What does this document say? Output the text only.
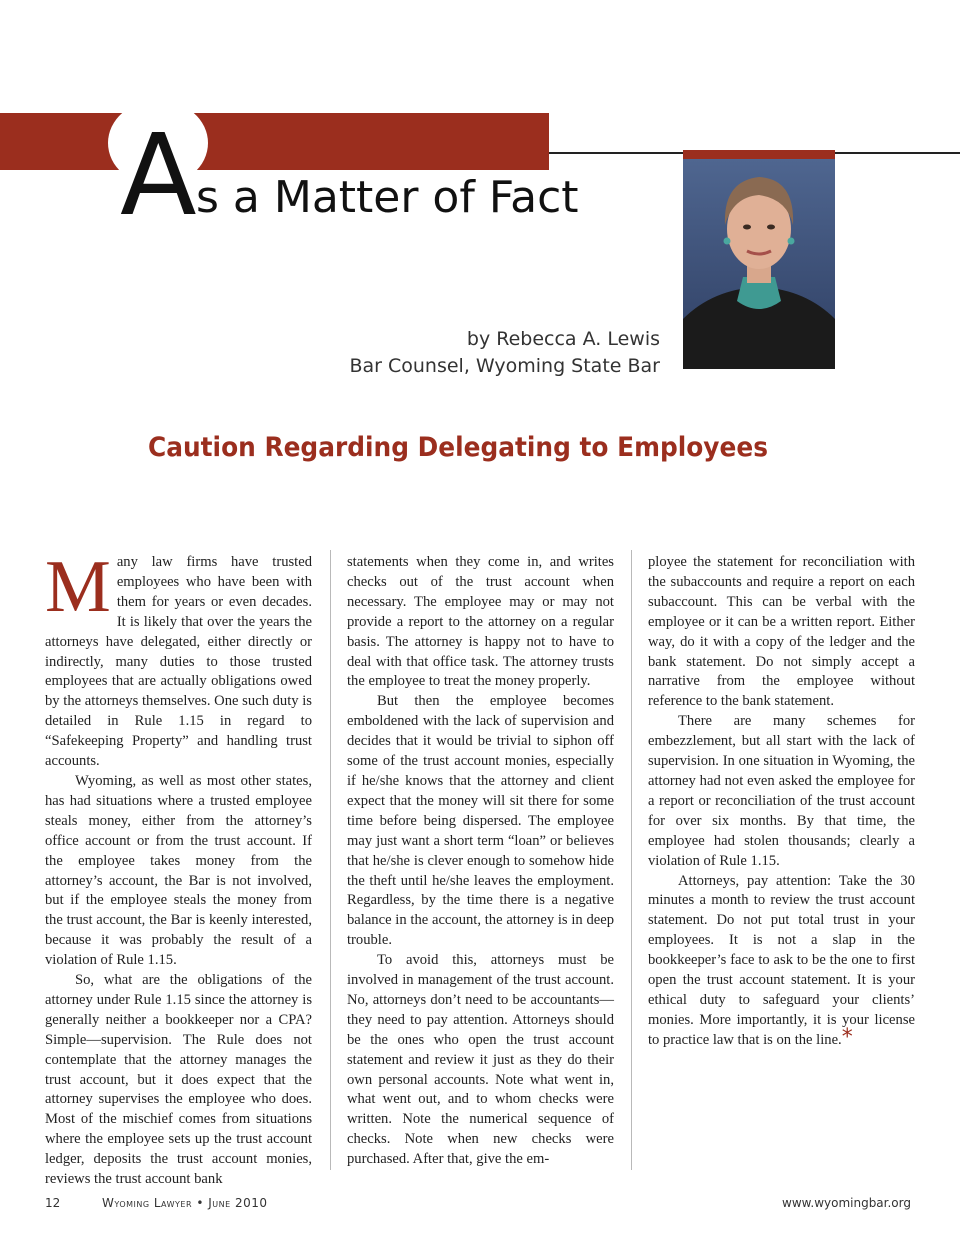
A s a Matter of Fact
by Rebecca A. Lewis
Bar Counsel, Wyoming State Bar
Caution Regarding Delegating to Employees

Many law firms have trusted employees who have been with them for years or even decades. It is likely that over the years the attorneys have delegated, either directly or indirectly, many duties to those trusted employees that are actually obligations owed by the attorneys themselves. One such duty is detailed in Rule 1.15 in regard to “Safekeeping Property” and handling trust accounts.

Wyoming, as well as most other states, has had situations where a trusted employee steals money, either from the attorney’s office account or from the trust account. If the employee takes money from the attorney’s account, the Bar is not involved, but if the employee steals the money from the trust account, the Bar is keenly interested, because it was probably the result of a violation of Rule 1.15.

So, what are the obligations of the attorney under Rule 1.15 since the attorney is generally neither a bookkeeper nor a CPA? Simple—supervision. The Rule does not contemplate that the attorney manages the trust account, but it does expect that the attorney supervises the employee who does. Most of the mischief comes from situations where the employee sets up the trust account ledger, deposits the trust account monies, reviews the trust account bank

statements when they come in, and writes checks out of the trust account when necessary. The employee may or may not provide a report to the attorney on a regular basis. The attorney is happy not to have to deal with that office task. The attorney trusts the employee to treat the money properly.

But then the employee becomes emboldened with the lack of supervision and decides that it would be trivial to siphon off some of the trust account monies, especially if he/she knows that the attorney and client expect that the money will sit there for some time before being dispersed. The employee may just want a short term “loan” or believes that he/she is clever enough to somehow hide the theft until he/she leaves the employment. Regardless, by the time there is a negative balance in the account, the attorney is in deep trouble.

To avoid this, attorneys must be involved in management of the trust account. No, attorneys don’t need to be accountants—they need to pay attention. Attorneys should be the ones who open the trust account statement and review it just as they do their own personal accounts. Note what went in, what went out, and to whom checks were written. Note the numerical sequence of checks. Note when new checks were purchased. After that, give the em-

ployee the statement for reconciliation with the subaccounts and require a report on each subaccount. This can be verbal with the employee or it can be a written report. Either way, do it with a copy of the ledger and the bank statement. Do not simply accept a narrative from the employee without reference to the bank statement.

There are many schemes for embezzlement, but all start with the lack of supervision. In one situation in Wyoming, the attorney had not even asked the employee for a report or reconciliation of the trust account for over six months. By that time, the employee had stolen thousands; clearly a violation of Rule 1.15.

Attorneys, pay attention: Take the 30 minutes a month to review the trust account statement. Do not put total trust in your employees. It is not a slap in the bookkeeper’s face to ask to be the one to first open the trust account statement. It is your ethical duty to safeguard your clients’ monies. More importantly, it is your license to practice law that is on the line.*

12	Wyoming Lawyer • June 2010	www.wyomingbar.org
